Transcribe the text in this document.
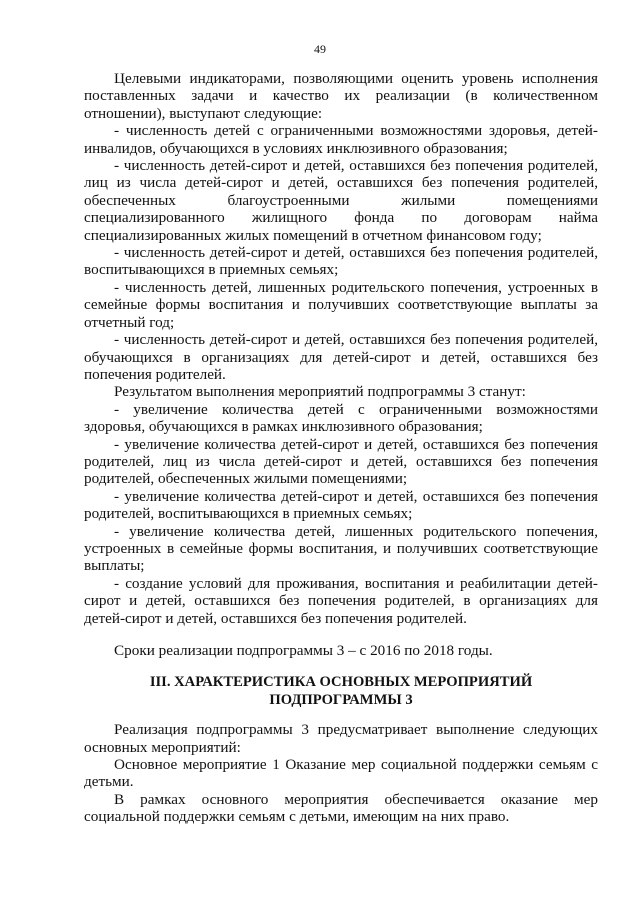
49

Целевыми индикаторами, позволяющими оценить уровень исполнения поставленных задачи и качество их реализации (в количественном отношении), выступают следующие:

- численность детей с ограниченными возможностями здоровья, детей-инвалидов, обучающихся в условиях инклюзивного образования;

- численность детей-сирот и детей, оставшихся без попечения родителей, лиц из числа детей-сирот и детей, оставшихся без попечения родителей, обеспеченных благоустроенными жилыми помещениями специализированного жилищного фонда по договорам найма специализированных жилых помещений в отчетном финансовом году;

- численность детей-сирот и детей, оставшихся без попечения родителей, воспитывающихся в приемных семьях;

- численность детей, лишенных родительского попечения, устроенных в семейные формы воспитания и получивших соответствующие выплаты за отчетный год;

- численность детей-сирот и детей, оставшихся без попечения родителей, обучающихся в организациях для детей-сирот и детей, оставшихся без попечения родителей.

Результатом выполнения мероприятий подпрограммы 3 станут:

- увеличение количества детей с ограниченными возможностями здоровья, обучающихся в рамках инклюзивного образования;

- увеличение количества детей-сирот и детей, оставшихся без попечения родителей, лиц из числа детей-сирот и детей, оставшихся без попечения родителей, обеспеченных жилыми помещениями;

- увеличение количества детей-сирот и детей, оставшихся без попечения родителей, воспитывающихся в приемных семьях;

- увеличение количества детей, лишенных родительского попечения, устроенных в семейные формы воспитания, и получивших соответствующие выплаты;

- создание условий для проживания, воспитания и реабилитации детей-сирот и детей, оставшихся без попечения родителей, в организациях для детей-сирот и детей, оставшихся без попечения родителей.

Сроки реализации подпрограммы 3 – с 2016 по 2018 годы.

III. ХАРАКТЕРИСТИКА ОСНОВНЫХ МЕРОПРИЯТИЙ ПОДПРОГРАММЫ 3

Реализация подпрограммы 3 предусматривает выполнение следующих основных мероприятий:

Основное мероприятие 1 Оказание мер социальной поддержки семьям с детьми.

В рамках основного мероприятия обеспечивается оказание мер социальной поддержки семьям с детьми, имеющим на них право.
